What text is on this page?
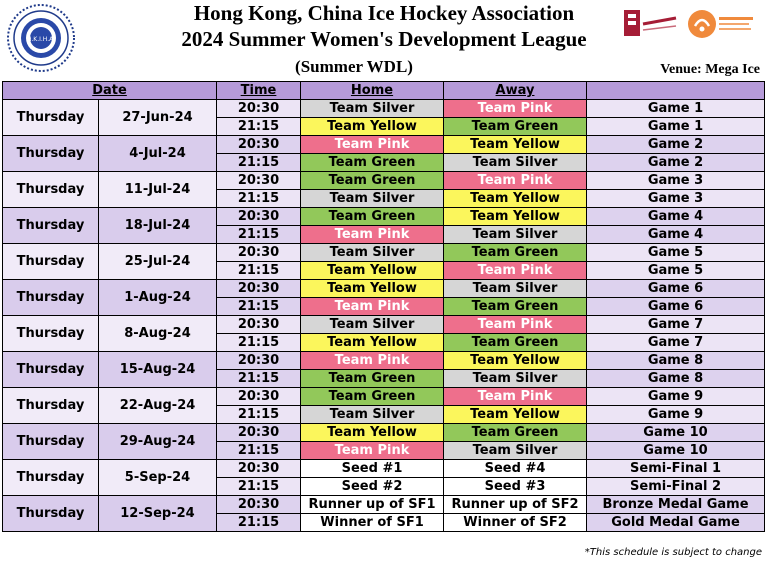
H.K.I.H.A.
Hong Kong, China Ice Hockey Association
2024 Summer Women's Development League
(Summer WDL)	Venue: Mega Ice
Date		Time	Home	Away	
Thursday	27-Jun-24	20:30	Team Silver	Team Pink	Game 1
		21:15	Team Yellow	Team Green	Game 1
Thursday	4-Jul-24	20:30	Team Pink	Team Yellow	Game 2
		21:15	Team Green	Team Silver	Game 2
Thursday	11-Jul-24	20:30	Team Green	Team Pink	Game 3
		21:15	Team Silver	Team Yellow	Game 3
Thursday	18-Jul-24	20:30	Team Green	Team Yellow	Game 4
		21:15	Team Pink	Team Silver	Game 4
Thursday	25-Jul-24	20:30	Team Silver	Team Green	Game 5
		21:15	Team Yellow	Team Pink	Game 5
Thursday	1-Aug-24	20:30	Team Yellow	Team Silver	Game 6
		21:15	Team Pink	Team Green	Game 6
Thursday	8-Aug-24	20:30	Team Silver	Team Pink	Game 7
		21:15	Team Yellow	Team Green	Game 7
Thursday	15-Aug-24	20:30	Team Pink	Team Yellow	Game 8
		21:15	Team Green	Team Silver	Game 8
Thursday	22-Aug-24	20:30	Team Green	Team Pink	Game 9
		21:15	Team Silver	Team Yellow	Game 9
Thursday	29-Aug-24	20:30	Team Yellow	Team Green	Game 10
		21:15	Team Pink	Team Silver	Game 10
Thursday	5-Sep-24	20:30	Seed #1	Seed #4	Semi-Final 1
		21:15	Seed #2	Seed #3	Semi-Final 2
Thursday	12-Sep-24	20:30	Runner up of SF1	Runner up of SF2	Bronze Medal Game
		21:15	Winner of SF1	Winner of SF2	Gold Medal Game
*This schedule is subject to change
